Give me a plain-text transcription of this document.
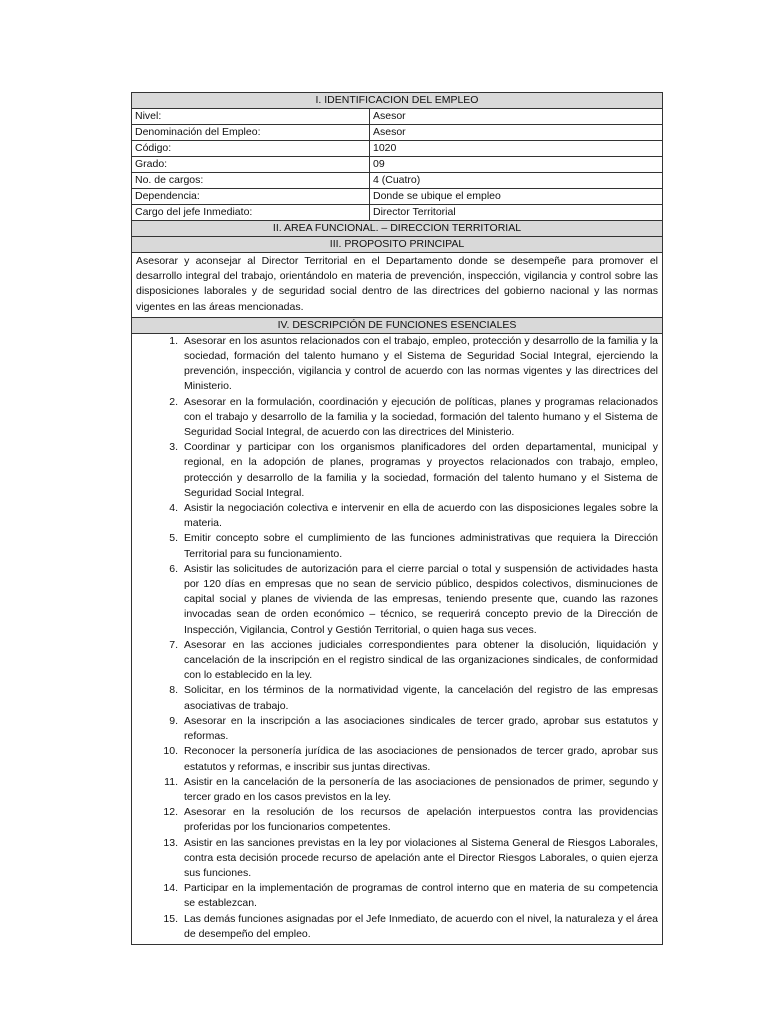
I. IDENTIFICACION DEL EMPLEO
Nivel:	Asesor
Denominación del Empleo:	Asesor
Código:	1020
Grado:	09
No. de cargos:	4 (Cuatro)
Dependencia:	Donde se ubique el empleo
Cargo del jefe Inmediato:	Director Territorial
II. AREA FUNCIONAL. – DIRECCION TERRITORIAL
III. PROPOSITO PRINCIPAL
Asesorar y aconsejar al Director Territorial en el Departamento donde se desempeñe para promover el desarrollo integral del trabajo, orientándolo en materia de prevención, inspección, vigilancia y control sobre las disposiciones laborales y de seguridad social dentro de las directrices del gobierno nacional y las normas vigentes en las áreas mencionadas.
IV. DESCRIPCIÓN DE FUNCIONES ESENCIALES
1. Asesorar en los asuntos relacionados con el trabajo, empleo, protección y desarrollo de la familia y la sociedad, formación del talento humano y el Sistema de Seguridad Social Integral, ejerciendo la prevención, inspección, vigilancia y control de acuerdo con las normas vigentes y las directrices del Ministerio.
2. Asesorar en la formulación, coordinación y ejecución de políticas, planes y programas relacionados con el trabajo y desarrollo de la familia y la sociedad, formación del talento humano y el Sistema de Seguridad Social Integral, de acuerdo con las directrices del Ministerio.
3. Coordinar y participar con los organismos planificadores del orden departamental, municipal y regional, en la adopción de planes, programas y proyectos relacionados con trabajo, empleo, protección y desarrollo de la familia y la sociedad, formación del talento humano y el Sistema de Seguridad Social Integral.
4. Asistir la negociación colectiva e intervenir en ella de acuerdo con las disposiciones legales sobre la materia.
5. Emitir concepto sobre el cumplimiento de las funciones administrativas que requiera la Dirección Territorial para su funcionamiento.
6. Asistir las solicitudes de autorización para el cierre parcial o total y suspensión de actividades hasta por 120 días en empresas que no sean de servicio público, despidos colectivos, disminuciones de capital social y planes de vivienda de las empresas, teniendo presente que, cuando las razones invocadas sean de orden económico – técnico, se requerirá concepto previo de la Dirección de Inspección, Vigilancia, Control y Gestión Territorial, o quien haga sus veces.
7. Asesorar en las acciones judiciales correspondientes para obtener la disolución, liquidación y cancelación de la inscripción en el registro sindical de las organizaciones sindicales, de conformidad con lo establecido en la ley.
8. Solicitar, en los términos de la normatividad vigente, la cancelación del registro de las empresas asociativas de trabajo.
9. Asesorar en la inscripción a las asociaciones sindicales de tercer grado, aprobar sus estatutos y reformas.
10. Reconocer la personería jurídica de las asociaciones de pensionados de tercer grado, aprobar sus estatutos y reformas, e inscribir sus juntas directivas.
11. Asistir en la cancelación de la personería de las asociaciones de pensionados de primer, segundo y tercer grado en los casos previstos en la ley.
12. Asesorar en la resolución de los recursos de apelación interpuestos contra las providencias proferidas por los funcionarios competentes.
13. Asistir en las sanciones previstas en la ley por violaciones al Sistema General de Riesgos Laborales, contra esta decisión procede recurso de apelación ante el Director Riesgos Laborales, o quien ejerza sus funciones.
14. Participar en la implementación de programas de control interno que en materia de su competencia se establezcan.
15. Las demás funciones asignadas por el Jefe Inmediato, de acuerdo con el nivel, la naturaleza y el área de desempeño del empleo.
